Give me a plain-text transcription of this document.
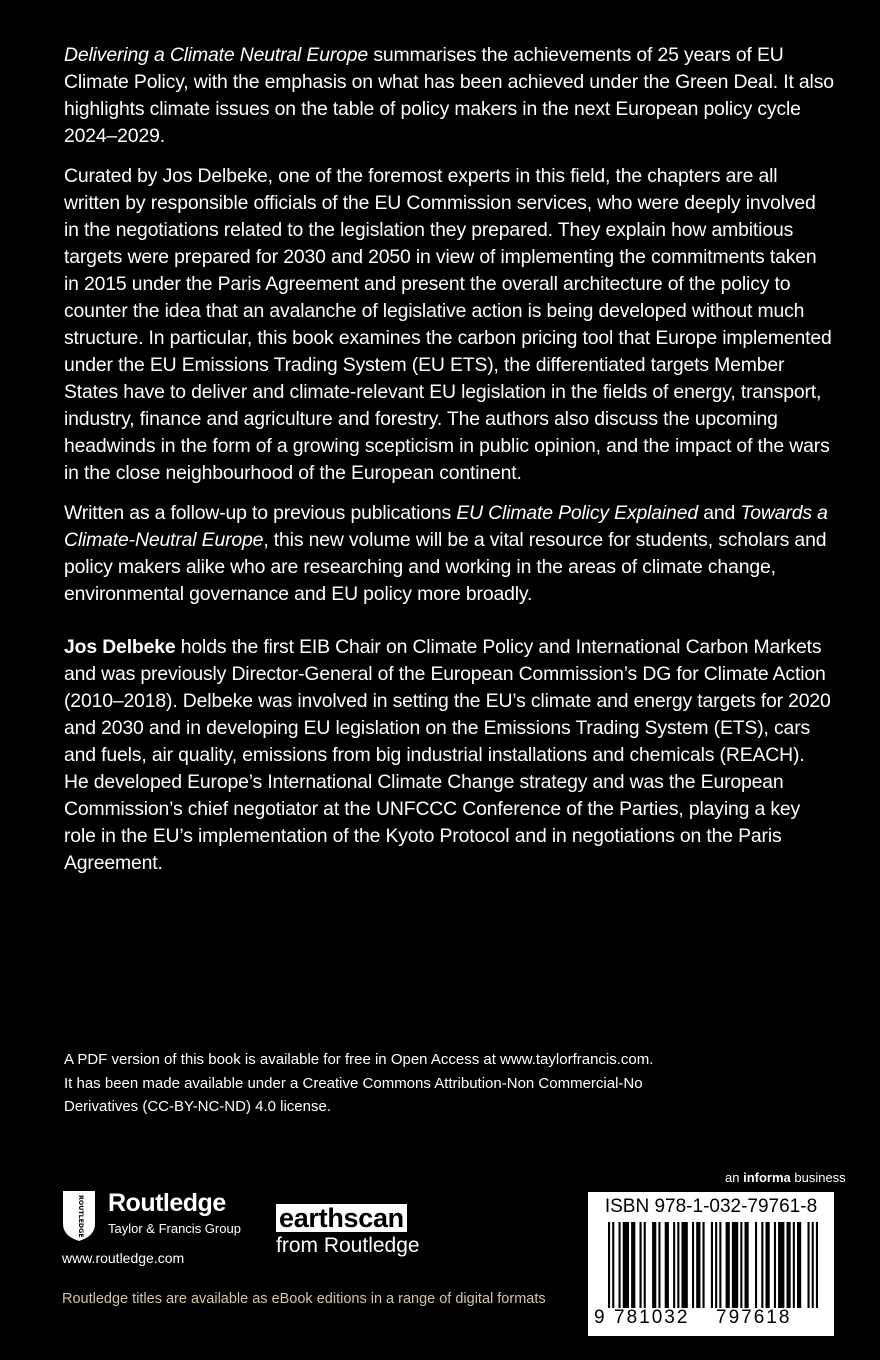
Delivering a Climate Neutral Europe summarises the achievements of 25 years of EU Climate Policy, with the emphasis on what has been achieved under the Green Deal. It also highlights climate issues on the table of policy makers in the next European policy cycle 2024–2029.

Curated by Jos Delbeke, one of the foremost experts in this field, the chapters are all written by responsible officials of the EU Commission services, who were deeply involved in the negotiations related to the legislation they prepared. They explain how ambitious targets were prepared for 2030 and 2050 in view of implementing the commitments taken in 2015 under the Paris Agreement and present the overall architecture of the policy to counter the idea that an avalanche of legislative action is being developed without much structure. In particular, this book examines the carbon pricing tool that Europe implemented under the EU Emissions Trading System (EU ETS), the differentiated targets Member States have to deliver and climate-relevant EU legislation in the fields of energy, transport, industry, finance and agriculture and forestry. The authors also discuss the upcoming headwinds in the form of a growing scepticism in public opinion, and the impact of the wars in the close neighbourhood of the European continent.

Written as a follow-up to previous publications EU Climate Policy Explained and Towards a Climate-Neutral Europe, this new volume will be a vital resource for students, scholars and policy makers alike who are researching and working in the areas of climate change, environmental governance and EU policy more broadly.

Jos Delbeke holds the first EIB Chair on Climate Policy and International Carbon Markets and was previously Director-General of the European Commission’s DG for Climate Action (2010–2018). Delbeke was involved in setting the EU’s climate and energy targets for 2020 and 2030 and in developing EU legislation on the Emissions Trading System (ETS), cars and fuels, air quality, emissions from big industrial installations and chemicals (REACH). He developed Europe’s International Climate Change strategy and was the European Commission’s chief negotiator at the UNFCCC Conference of the Parties, playing a key role in the EU’s implementation of the Kyoto Protocol and in negotiations on the Paris Agreement.

A PDF version of this book is available for free in Open Access at www.taylorfrancis.com.

It has been made available under a Creative Commons Attribution-Non Commercial-No

Derivatives (CC-BY-NC-ND) 4.0 license.

an informa business
ROUTLEDGE Routledge
Taylor & Francis Group
www.routledge.com
earthscan
from Routledge
Routledge titles are available as eBook editions in a range of digital formats
ISBN 978-1-032-79761-8
9 781032 797618
